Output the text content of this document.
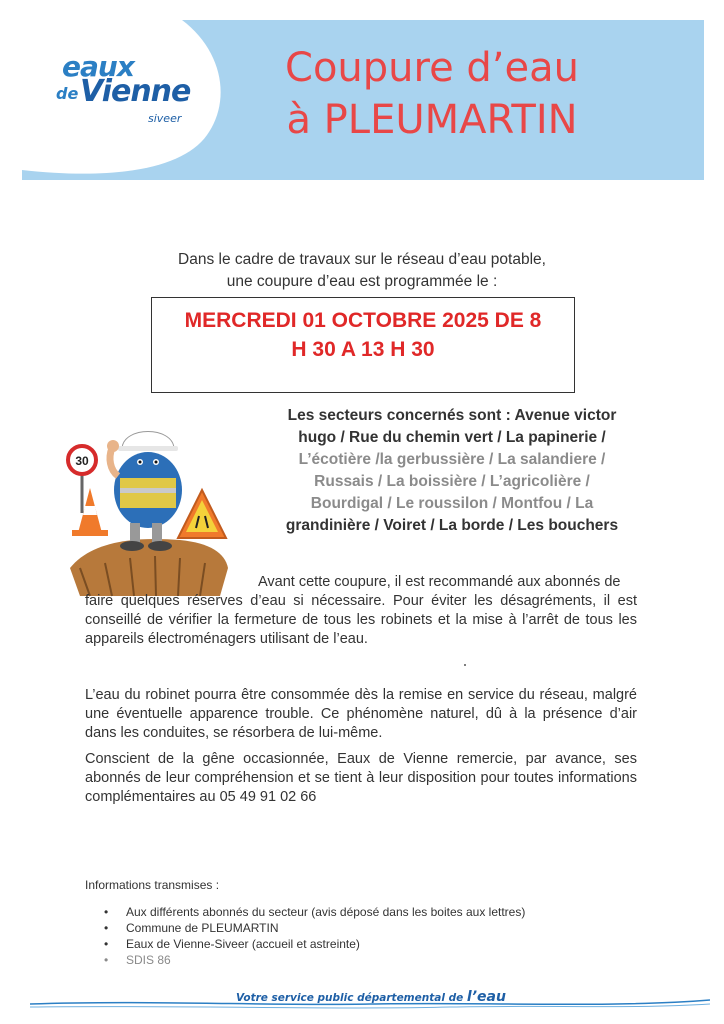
eaux
de Vienne
siveer
Coupure d’eau
à PLEUMARTIN
Dans le cadre de travaux sur le réseau d’eau potable,
une coupure d’eau est programmée le :
MERCREDI 01 OCTOBRE 2025 DE 8
H 30 A 13 H 30
30
Les secteurs concernés sont : Avenue victor
hugo / Rue du chemin vert / La papinerie /
L’écotière /la gerbussière / La salandiere /
Russais / La boissière / L’agricolière /
Bourdigal / Le roussilon / Montfou / La
grandinière / Voiret / La borde / Les bouchers
Avant cette coupure, il est recommandé aux abonnés de
faire quelques réserves d’eau si nécessaire. Pour éviter les désagréments, il est conseillé de vérifier la fermeture de tous les robinets et la mise à l’arrêt de tous les appareils électroménagers utilisant de l’eau.
L’eau du robinet pourra être consommée dès la remise en service du réseau, malgré une éventuelle apparence trouble. Ce phénomène naturel, dû à la présence d’air dans les conduites, se résorbera de lui-même.
Conscient de la gêne occasionnée, Eaux de Vienne remercie, par avance, ses abonnés de leur compréhension et se tient à leur disposition pour toutes informations complémentaires au 05 49 91 02 66
Informations transmises :
• Aux différents abonnés du secteur (avis déposé dans les boites aux lettres)
• Commune de PLEUMARTIN
• Eaux de Vienne-Siveer (accueil et astreinte)
• SDIS 86
Votre service public départemental de l’eau
